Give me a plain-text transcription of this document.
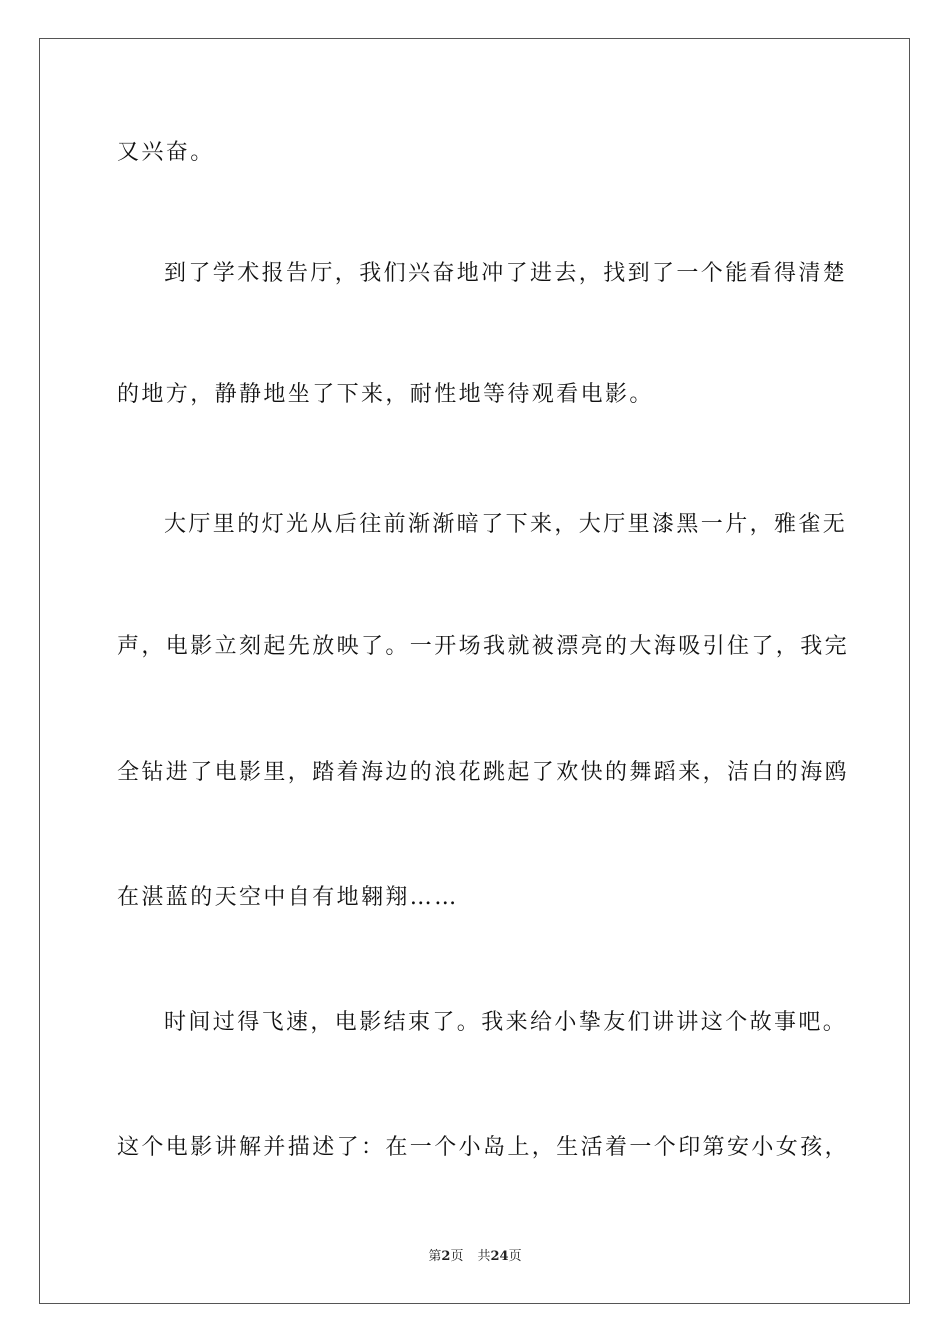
又兴奋。
到了学术报告厅，我们兴奋地冲了进去，找到了一个能看得清楚
的地方，静静地坐了下来，耐性地等待观看电影。
大厅里的灯光从后往前渐渐暗了下来，大厅里漆黑一片，雅雀无
声，电影立刻起先放映了。一开场我就被漂亮的大海吸引住了，我完
全钻进了电影里，踏着海边的浪花跳起了欢快的舞蹈来，洁白的海鸥
在湛蓝的天空中自有地翱翔……
时间过得飞速，电影结束了。我来给小挚友们讲讲这个故事吧。
这个电影讲解并描述了：在一个小岛上，生活着一个印第安小女孩，
第2页 共24页
